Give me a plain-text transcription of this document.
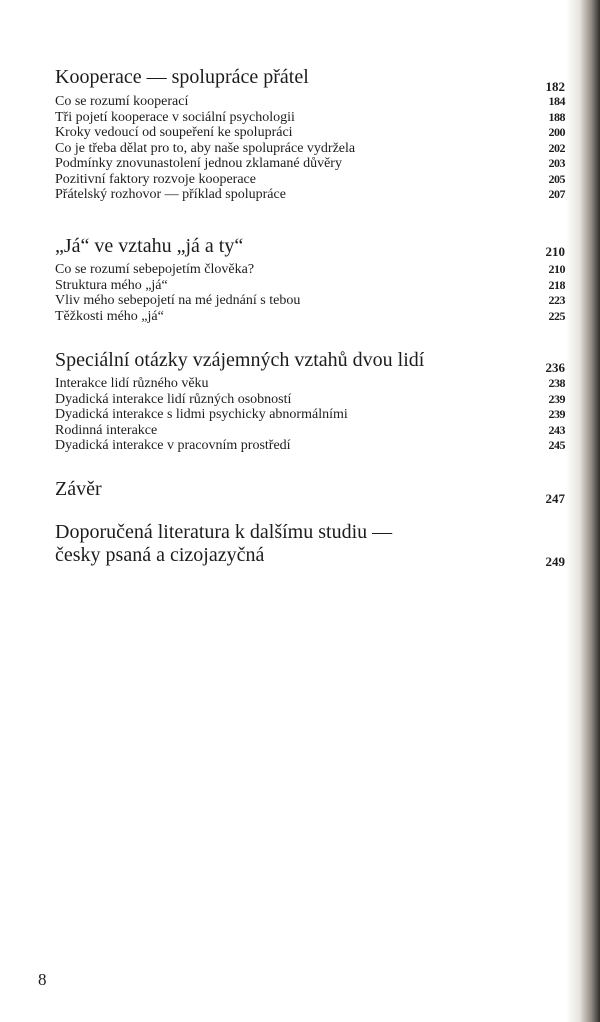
Kooperace — spolupráce přátel	182
Co se rozumí kooperací	184
Tři pojetí kooperace v sociální psychologii	188
Kroky vedoucí od soupeření ke spolupráci	200
Co je třeba dělat pro to, aby naše spolupráce vydržela	202
Podmínky znovunastolení jednou zklamané důvěry	203
Pozitivní faktory rozvoje kooperace	205
Přátelský rozhovor — příklad spolupráce	207
„Já“ ve vztahu „já a ty“	210
Co se rozumí sebepojetím člověka?	210
Struktura mého „já“	218
Vliv mého sebepojetí na mé jednání s tebou	223
Těžkosti mého „já“	225
Speciální otázky vzájemných vztahů dvou lidí	236
Interakce lidí různého věku	238
Dyadická interakce lidí různých osobností	239
Dyadická interakce s lidmi psychicky abnormálními	239
Rodinná interakce	243
Dyadická interakce v pracovním prostředí	245
Závěr	247
Doporučená literatura k dalšímu studiu —
česky psaná a cizojazyčná	249
8
